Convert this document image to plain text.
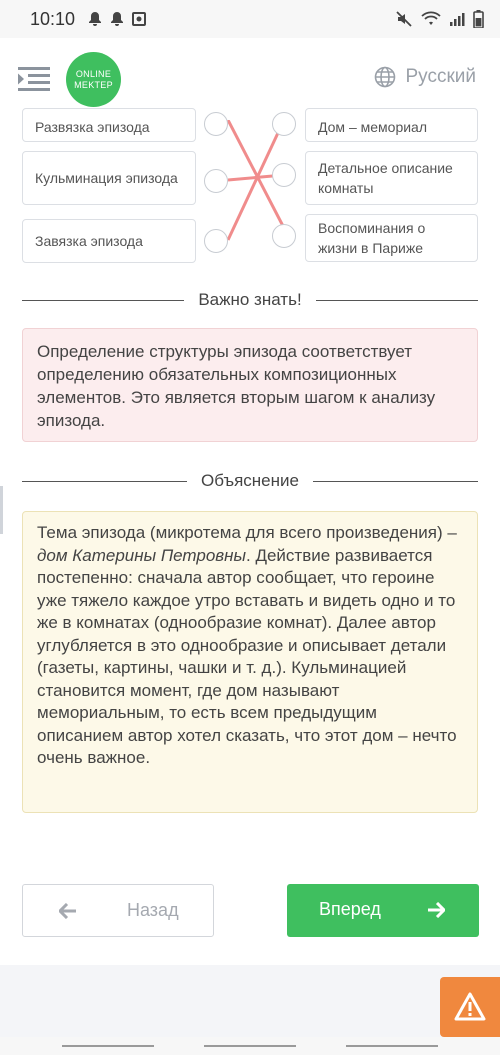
10:10
ONLINE
MEKTEP	Русский
Развязка эпизода
Кульминация эпизода
Завязка эпизода
Дом – мемориал
Детальное описание комнаты
Воспоминания о жизни в Париже
Важно знать!
Определение структуры эпизода соответствует определению обязательных композиционных элементов. Это является вторым шагом к анализу эпизода.
Объяснение
Тема эпизода (микротема для всего произведения) – дом Катерины Петровны. Действие развивается постепенно: сначала автор сообщает, что героине уже тяжело каждое утро вставать и видеть одно и то же в комнатах (однообразие комнат). Далее автор углубляется в это однообразие и описывает детали (газеты, картины, чашки и т. д.). Кульминацией становится момент, где дом называют мемориальным, то есть всем предыдущим описанием автор хотел сказать, что этот дом – нечто очень важное.
Назад	Вперед
